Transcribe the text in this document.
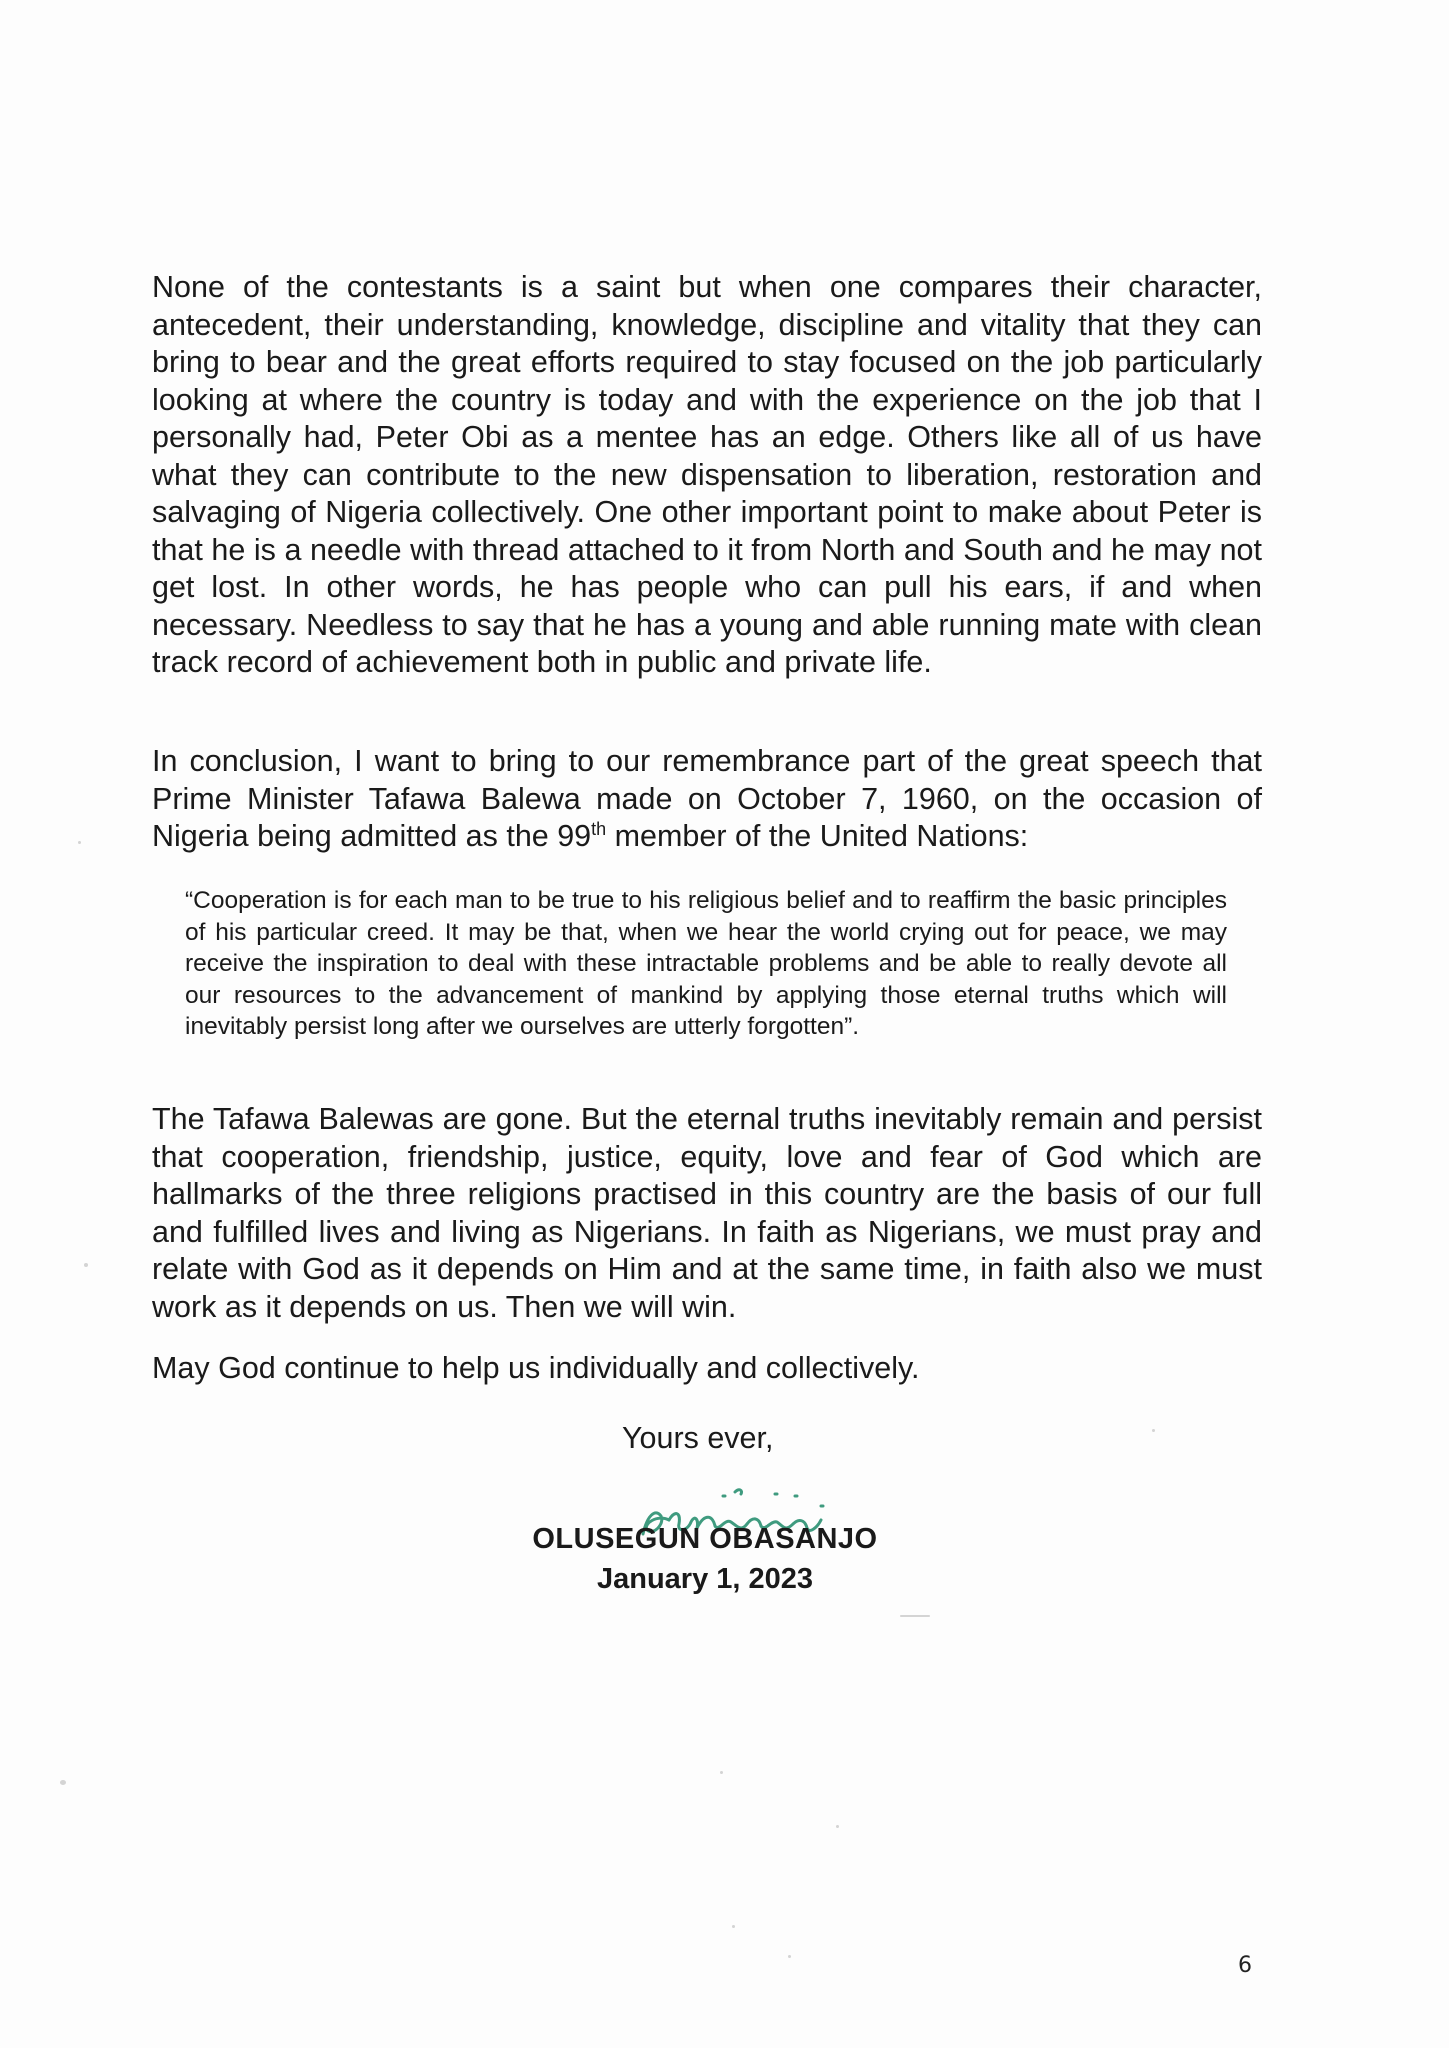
None of the contestants is a saint but when one compares their character, antecedent, their understanding, knowledge, discipline and vitality that they can bring to bear and the great efforts required to stay focused on the job particularly looking at where the country is today and with the experience on the job that I personally had, Peter Obi as a mentee has an edge. Others like all of us have what they can contribute to the new dispensation to liberation, restoration and salvaging of Nigeria collectively. One other important point to make about Peter is that he is a needle with thread attached to it from North and South and he may not get lost. In other words, he has people who can pull his ears, if and when necessary. Needless to say that he has a young and able running mate with clean track record of achievement both in public and private life.

In conclusion, I want to bring to our remembrance part of the great speech that Prime Minister Tafawa Balewa made on October 7, 1960, on the occasion of Nigeria being admitted as the 99th member of the United Nations:

“Cooperation is for each man to be true to his religious belief and to reaffirm the basic principles of his particular creed. It may be that, when we hear the world crying out for peace, we may receive the inspiration to deal with these intractable problems and be able to really devote all our resources to the advancement of mankind by applying those eternal truths which will inevitably persist long after we ourselves are utterly forgotten”.

The Tafawa Balewas are gone. But the eternal truths inevitably remain and persist that cooperation, friendship, justice, equity, love and fear of God which are hallmarks of the three religions practised in this country are the basis of our full and fulfilled lives and living as Nigerians. In faith as Nigerians, we must pray and relate with God as it depends on Him and at the same time, in faith also we must work as it depends on us. Then we will win.

May God continue to help us individually and collectively.

Yours ever,

OLUSEGUN OBASANJO

January 1, 2023

6
